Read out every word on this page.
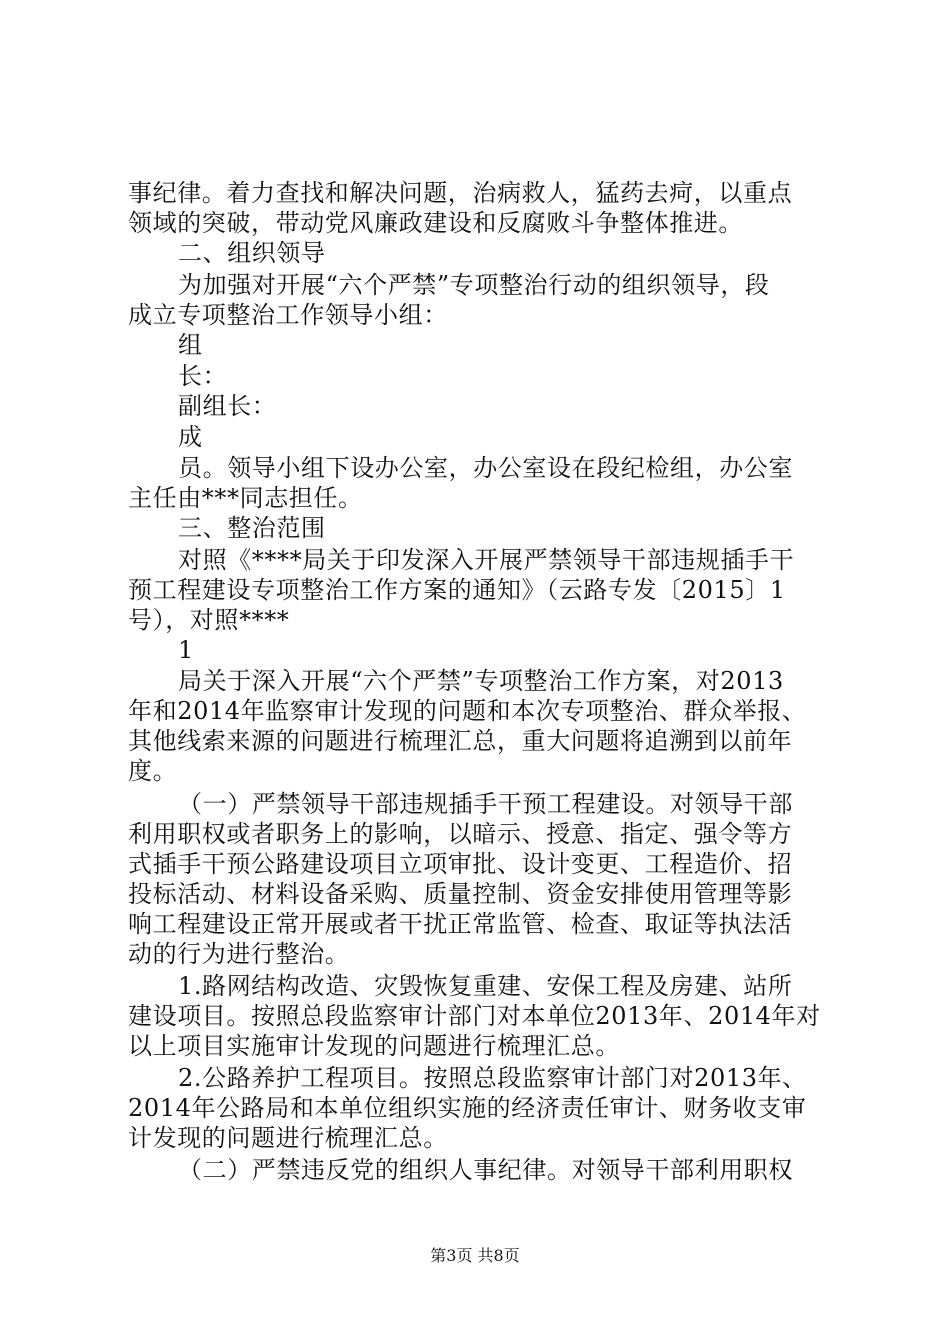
事纪律。着力查找和解决问题，治病救人，猛药去疴，以重点
领域的突破，带动党风廉政建设和反腐败斗争整体推进。
二、组织领导
为加强对开展“六个严禁”专项整治行动的组织领导，段
成立专项整治工作领导小组：
组
长：
副组长：
成
员。领导小组下设办公室，办公室设在段纪检组，办公室
主任由***同志担任。
三、整治范围
对照《****局关于印发深入开展严禁领导干部违规插手干
预工程建设专项整治工作方案的通知》（云路专发〔2015〕1
号），对照****
1
局关于深入开展“六个严禁”专项整治工作方案，对2013
年和2014年监察审计发现的问题和本次专项整治、群众举报、
其他线索来源的问题进行梳理汇总，重大问题将追溯到以前年
度。
（一）严禁领导干部违规插手干预工程建设。对领导干部
利用职权或者职务上的影响，以暗示、授意、指定、强令等方
式插手干预公路建设项目立项审批、设计变更、工程造价、招
投标活动、材料设备采购、质量控制、资金安排使用管理等影
响工程建设正常开展或者干扰正常监管、检查、取证等执法活
动的行为进行整治。
1.路网结构改造、灾毁恢复重建、安保工程及房建、站所
建设项目。按照总段监察审计部门对本单位2013年、2014年对
以上项目实施审计发现的问题进行梳理汇总。
2.公路养护工程项目。按照总段监察审计部门对2013年、
2014年公路局和本单位组织实施的经济责任审计、财务收支审
计发现的问题进行梳理汇总。
（二）严禁违反党的组织人事纪律。对领导干部利用职权
第3页 共8页
